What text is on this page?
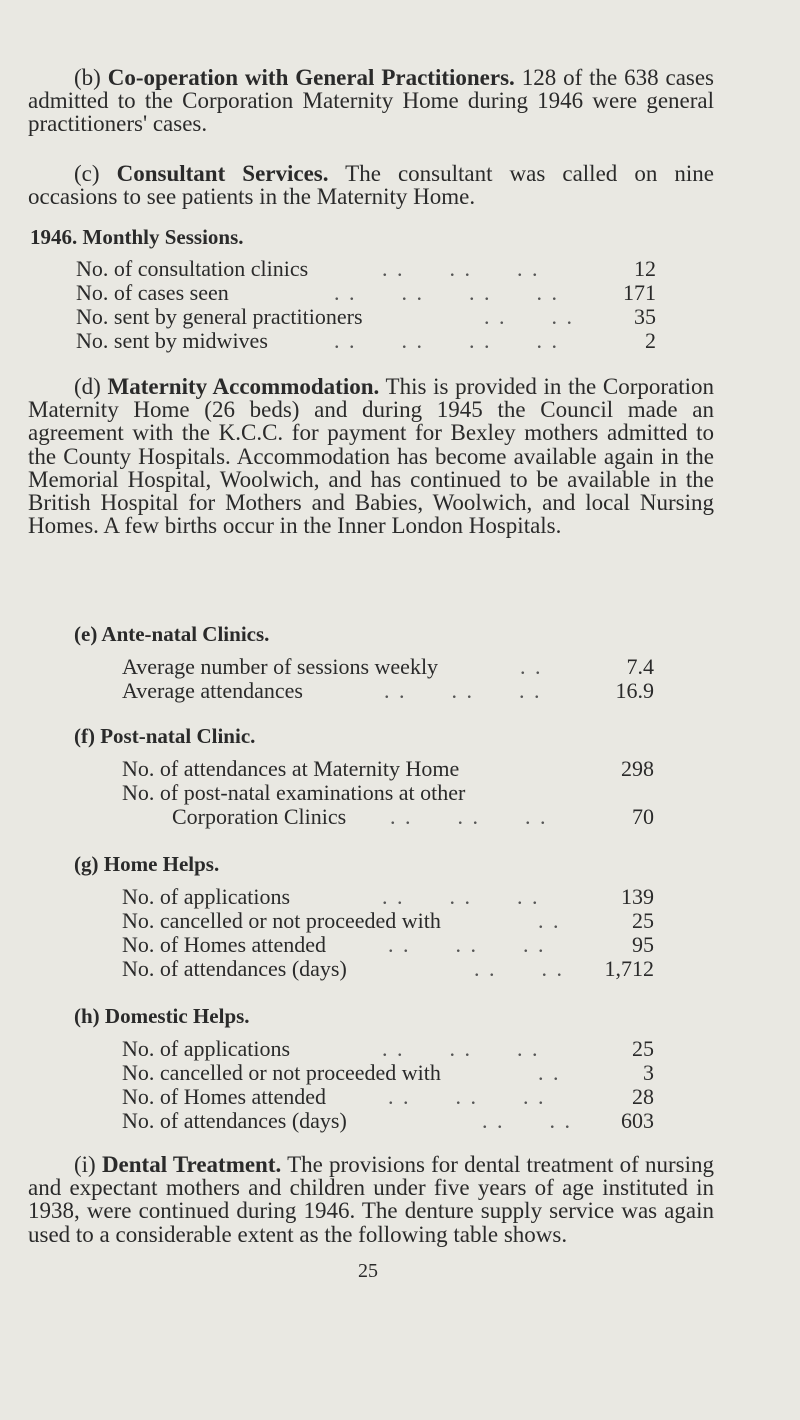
(b) Co-operation with General Practitioners. 128 of the 638 cases admitted to the Corporation Maternity Home during 1946 were general practitioners' cases.

(c) Consultant Services. The consultant was called on nine occasions to see patients in the Maternity Home.

1946. Monthly Sessions.

No. of consultation clinics	. .      . .      . .	12
No. of cases seen	. .      . .      . .      . .	171
No. sent by general practitioners	. .      . .	35
No. sent by midwives	. .      . .      . .      . .	2

(d) Maternity Accommodation. This is provided in the Corporation Maternity Home (26 beds) and during 1945 the Council made an agreement with the K.C.C. for payment for Bexley mothers admitted to the County Hospitals. Accommodation has become available again in the Memorial Hospital, Woolwich, and has continued to be available in the British Hospital for Mothers and Babies, Woolwich, and local Nursing Homes. A few births occur in the Inner London Hospitals.

(e) Ante-natal Clinics.

Average number of sessions weekly	. .	7.4
Average attendances	. .      . .      . .	16.9

(f) Post-natal Clinic.

No. of attendances at Maternity Home	298
No. of post-natal examinations at other
Corporation Clinics . .      . .      . .	70

(g) Home Helps.

No. of applications	. .      . .      . .	139
No. cancelled or not proceeded with	. .	25
No. of Homes attended	. .      . .      . .	95
No. of attendances (days)	. .      . . 1,712

(h) Domestic Helps.

No. of applications	. .      . .      . .	25
No. cancelled or not proceeded with	. .	3
No. of Homes attended	. .      . .      . .	28
No. of attendances (days)	. .      . . 603

(i) Dental Treatment. The provisions for dental treatment of nursing and expectant mothers and children under five years of age instituted in 1938, were continued during 1946. The denture supply service was again used to a considerable extent as the following table shows.

25
